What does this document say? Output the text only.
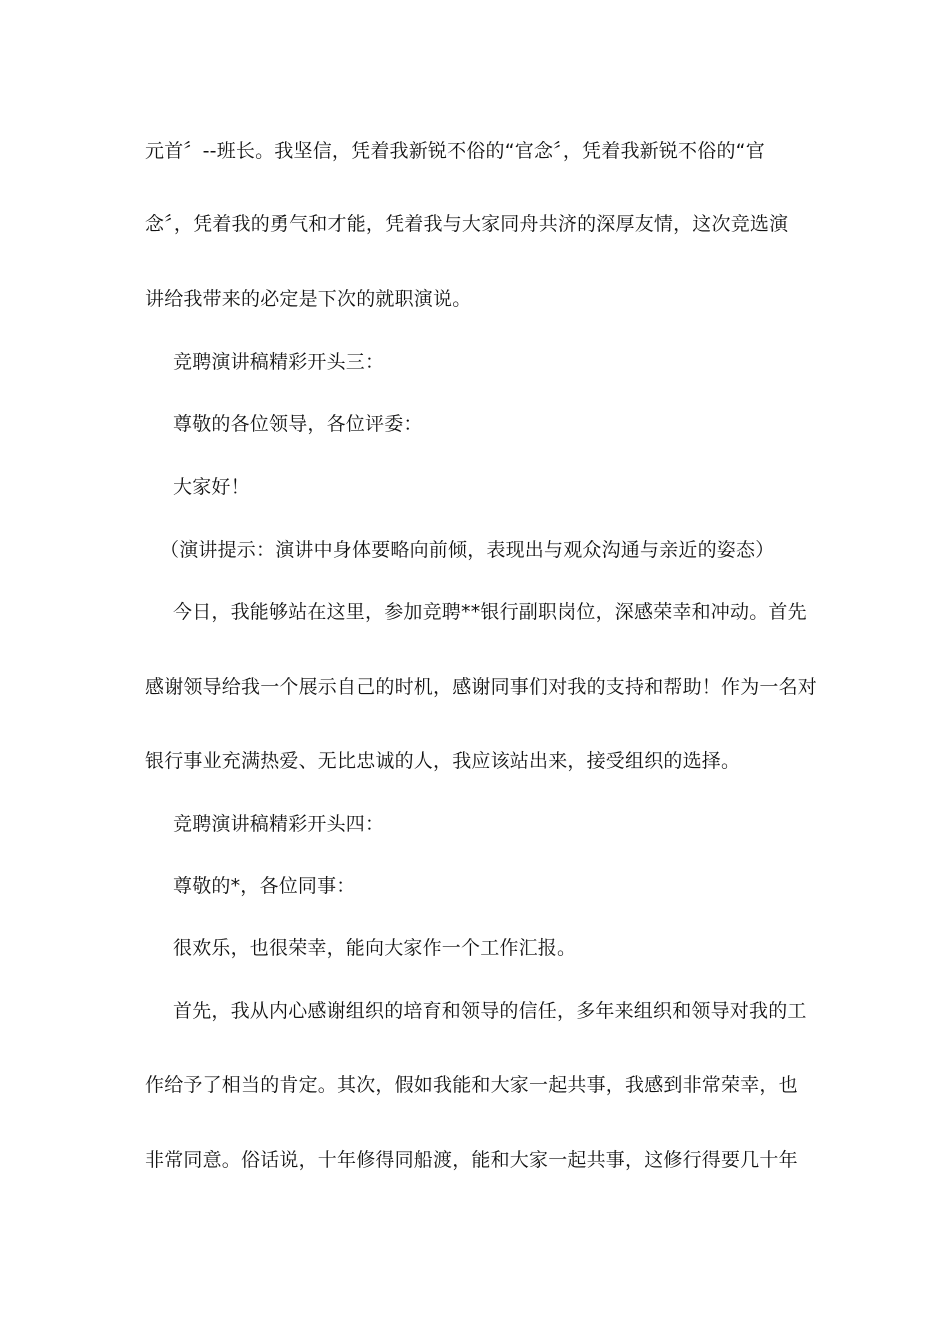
元首〞--班长。我坚信，凭着我新锐不俗的“官念〞，凭着我新锐不俗的“官
念〞，凭着我的勇气和才能，凭着我与大家同舟共济的深厚友情，这次竞选演
讲给我带来的必定是下次的就职演说。
竞聘演讲稿精彩开头三：
尊敬的各位领导，各位评委：
大家好！
（演讲提示：演讲中身体要略向前倾，表现出与观众沟通与亲近的姿态）
今日，我能够站在这里，参加竞聘**银行副职岗位，深感荣幸和冲动。首先
感谢领导给我一个展示自己的时机，感谢同事们对我的支持和帮助！作为一名对
银行事业充满热爱、无比忠诚的人，我应该站出来，接受组织的选择。
竞聘演讲稿精彩开头四：
尊敬的*，各位同事：
很欢乐，也很荣幸，能向大家作一个工作汇报。
首先，我从内心感谢组织的培育和领导的信任，多年来组织和领导对我的工
作给予了相当的肯定。其次，假如我能和大家一起共事，我感到非常荣幸，也
非常同意。俗话说，十年修得同船渡，能和大家一起共事，这修行得要几十年
